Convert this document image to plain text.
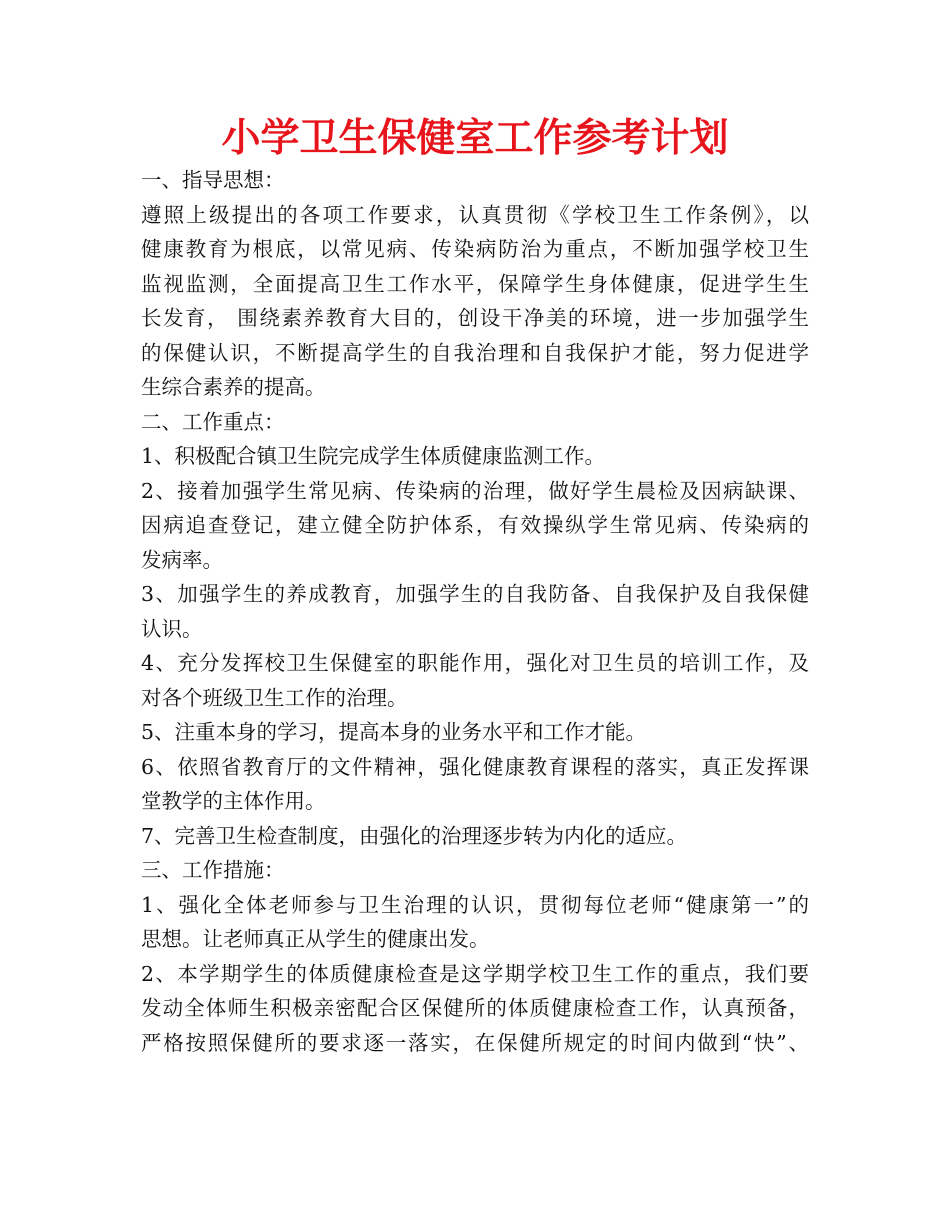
小学卫生保健室工作参考计划
一、指导思想：
遵照上级提出的各项工作要求，认真贯彻《学校卫生工作条例》，以
健康教育为根底，以常见病、传染病防治为重点，不断加强学校卫生
监视监测，全面提高卫生工作水平，保障学生身体健康，促进学生生
长发育， 围绕素养教育大目的，创设干净美的环境，进一步加强学生
的保健认识，不断提高学生的自我治理和自我保护才能，努力促进学
生综合素养的提高。
二、工作重点：
1、积极配合镇卫生院完成学生体质健康监测工作。
2、接着加强学生常见病、传染病的治理，做好学生晨检及因病缺课、
因病追查登记，建立健全防护体系，有效操纵学生常见病、传染病的
发病率。
3、加强学生的养成教育，加强学生的自我防备、自我保护及自我保健
认识。
4、充分发挥校卫生保健室的职能作用，强化对卫生员的培训工作，及
对各个班级卫生工作的治理。
5、注重本身的学习，提高本身的业务水平和工作才能。
6、依照省教育厅的文件精神，强化健康教育课程的落实，真正发挥课
堂教学的主体作用。
7、完善卫生检查制度，由强化的治理逐步转为内化的适应。
三、工作措施：
1、强化全体老师参与卫生治理的认识，贯彻每位老师“健康第一”的
思想。让老师真正从学生的健康出发。
2、本学期学生的体质健康检查是这学期学校卫生工作的重点，我们要
发动全体师生积极亲密配合区保健所的体质健康检查工作，认真预备，
严格按照保健所的要求逐一落实，在保健所规定的时间内做到“快”、
